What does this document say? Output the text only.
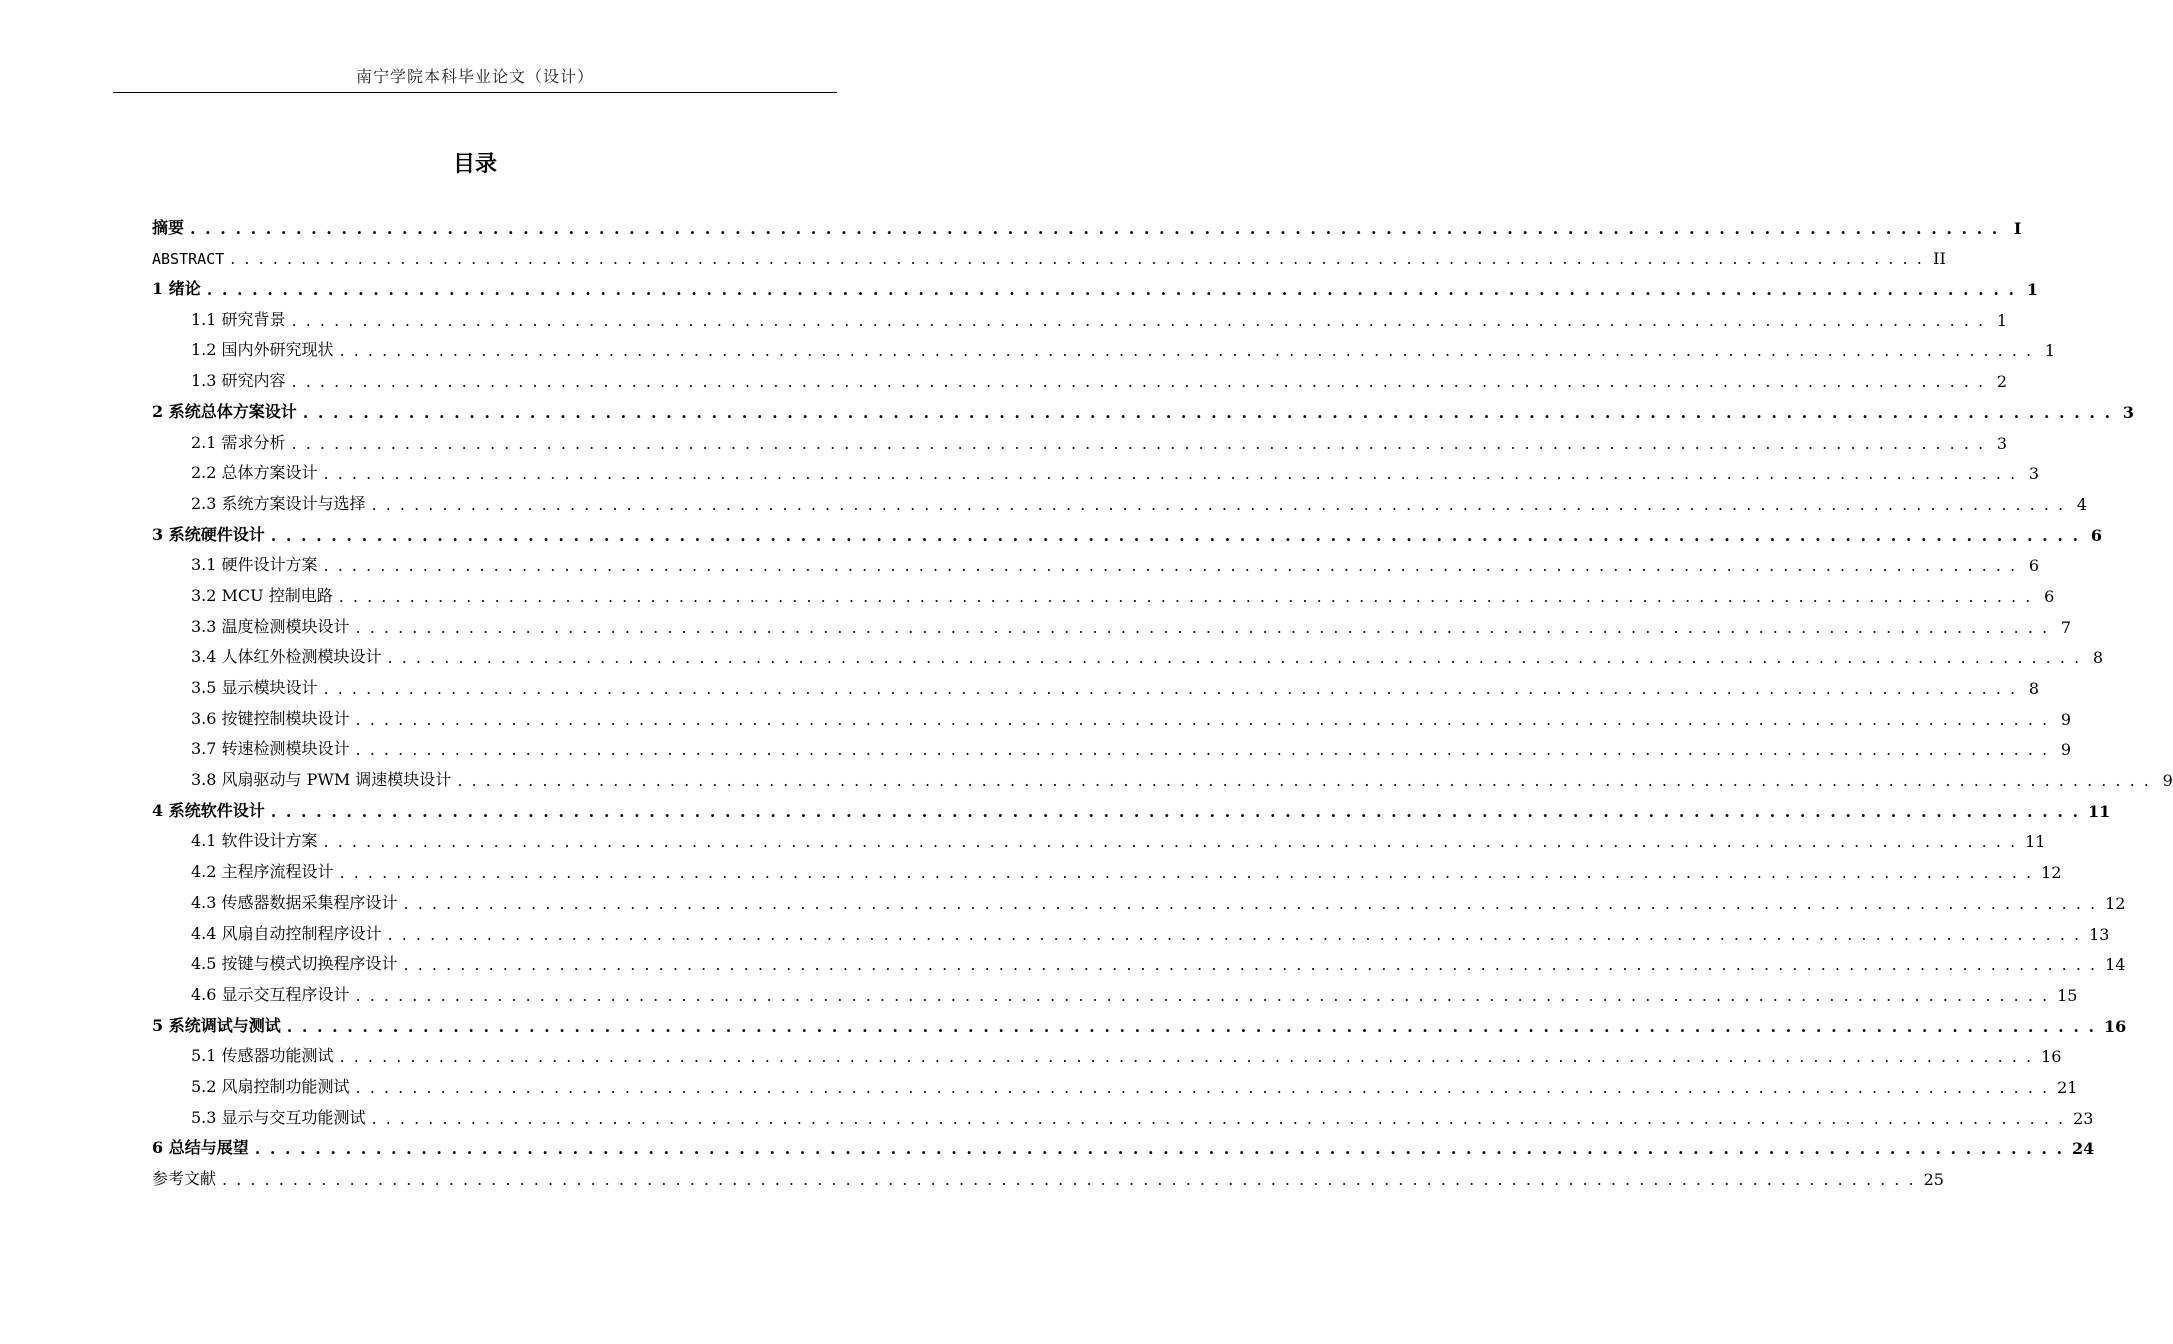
南宁学院本科毕业论文（设计）
目录
摘要 . . . . . . . . . . . . . . . . . . . . . . . . . . . . . . . . . . . . . . . . . . . . . . . . . . . . . . . . . . . . . . . . . . . . . . . . . . . . . . . . . . . . . . . . . . . . . . . . . . . . . . . . . . . . . . . . . . . . . . . . I
ABSTRACT . . . . . . . . . . . . . . . . . . . . . . . . . . . . . . . . . . . . . . . . . . . . . . . . . . . . . . . . . . . . . . . . . . . . . . . . . . . . . . . . . . . . . . . . . . . . . . . . . . . . . . . . . . . . . . . . . . . . . . . . II
1 绪论 . . . . . . . . . . . . . . . . . . . . . . . . . . . . . . . . . . . . . . . . . . . . . . . . . . . . . . . . . . . . . . . . . . . . . . . . . . . . . . . . . . . . . . . . . . . . . . . . . . . . . . . . . . . . . . . . . . . . . . . . 1
1.1 研究背景 . . . . . . . . . . . . . . . . . . . . . . . . . . . . . . . . . . . . . . . . . . . . . . . . . . . . . . . . . . . . . . . . . . . . . . . . . . . . . . . . . . . . . . . . . . . . . . . . . . . . . . . . . . . . . . . . . . . . . . . . 1
1.2 国内外研究现状 . . . . . . . . . . . . . . . . . . . . . . . . . . . . . . . . . . . . . . . . . . . . . . . . . . . . . . . . . . . . . . . . . . . . . . . . . . . . . . . . . . . . . . . . . . . . . . . . . . . . . . . . . . . . . . . . . . . . . . . . 1
1.3 研究内容 . . . . . . . . . . . . . . . . . . . . . . . . . . . . . . . . . . . . . . . . . . . . . . . . . . . . . . . . . . . . . . . . . . . . . . . . . . . . . . . . . . . . . . . . . . . . . . . . . . . . . . . . . . . . . . . . . . . . . . . . 2
2 系统总体方案设计 . . . . . . . . . . . . . . . . . . . . . . . . . . . . . . . . . . . . . . . . . . . . . . . . . . . . . . . . . . . . . . . . . . . . . . . . . . . . . . . . . . . . . . . . . . . . . . . . . . . . . . . . . . . . . . . . . . . . . . . . 3
2.1 需求分析 . . . . . . . . . . . . . . . . . . . . . . . . . . . . . . . . . . . . . . . . . . . . . . . . . . . . . . . . . . . . . . . . . . . . . . . . . . . . . . . . . . . . . . . . . . . . . . . . . . . . . . . . . . . . . . . . . . . . . . . . 3
2.2 总体方案设计 . . . . . . . . . . . . . . . . . . . . . . . . . . . . . . . . . . . . . . . . . . . . . . . . . . . . . . . . . . . . . . . . . . . . . . . . . . . . . . . . . . . . . . . . . . . . . . . . . . . . . . . . . . . . . . . . . . . . . . . . 3
2.3 系统方案设计与选择 . . . . . . . . . . . . . . . . . . . . . . . . . . . . . . . . . . . . . . . . . . . . . . . . . . . . . . . . . . . . . . . . . . . . . . . . . . . . . . . . . . . . . . . . . . . . . . . . . . . . . . . . . . . . . . . . . . . . . . . . 4
3 系统硬件设计 . . . . . . . . . . . . . . . . . . . . . . . . . . . . . . . . . . . . . . . . . . . . . . . . . . . . . . . . . . . . . . . . . . . . . . . . . . . . . . . . . . . . . . . . . . . . . . . . . . . . . . . . . . . . . . . . . . . . . . . . 6
3.1 硬件设计方案 . . . . . . . . . . . . . . . . . . . . . . . . . . . . . . . . . . . . . . . . . . . . . . . . . . . . . . . . . . . . . . . . . . . . . . . . . . . . . . . . . . . . . . . . . . . . . . . . . . . . . . . . . . . . . . . . . . . . . . . . 6
3.2 MCU 控制电路 . . . . . . . . . . . . . . . . . . . . . . . . . . . . . . . . . . . . . . . . . . . . . . . . . . . . . . . . . . . . . . . . . . . . . . . . . . . . . . . . . . . . . . . . . . . . . . . . . . . . . . . . . . . . . . . . . . . . . . . . 6
3.3 温度检测模块设计 . . . . . . . . . . . . . . . . . . . . . . . . . . . . . . . . . . . . . . . . . . . . . . . . . . . . . . . . . . . . . . . . . . . . . . . . . . . . . . . . . . . . . . . . . . . . . . . . . . . . . . . . . . . . . . . . . . . . . . . . 7
3.4 人体红外检测模块设计 . . . . . . . . . . . . . . . . . . . . . . . . . . . . . . . . . . . . . . . . . . . . . . . . . . . . . . . . . . . . . . . . . . . . . . . . . . . . . . . . . . . . . . . . . . . . . . . . . . . . . . . . . . . . . . . . . . . . . . . . 8
3.5 显示模块设计 . . . . . . . . . . . . . . . . . . . . . . . . . . . . . . . . . . . . . . . . . . . . . . . . . . . . . . . . . . . . . . . . . . . . . . . . . . . . . . . . . . . . . . . . . . . . . . . . . . . . . . . . . . . . . . . . . . . . . . . . 8
3.6 按键控制模块设计 . . . . . . . . . . . . . . . . . . . . . . . . . . . . . . . . . . . . . . . . . . . . . . . . . . . . . . . . . . . . . . . . . . . . . . . . . . . . . . . . . . . . . . . . . . . . . . . . . . . . . . . . . . . . . . . . . . . . . . . . 9
3.7 转速检测模块设计 . . . . . . . . . . . . . . . . . . . . . . . . . . . . . . . . . . . . . . . . . . . . . . . . . . . . . . . . . . . . . . . . . . . . . . . . . . . . . . . . . . . . . . . . . . . . . . . . . . . . . . . . . . . . . . . . . . . . . . . . 9
3.8 风扇驱动与 PWM 调速模块设计 . . . . . . . . . . . . . . . . . . . . . . . . . . . . . . . . . . . . . . . . . . . . . . . . . . . . . . . . . . . . . . . . . . . . . . . . . . . . . . . . . . . . . . . . . . . . . . . . . . . . . . . . . . . . . . . . . . . . . . . . 9
4 系统软件设计 . . . . . . . . . . . . . . . . . . . . . . . . . . . . . . . . . . . . . . . . . . . . . . . . . . . . . . . . . . . . . . . . . . . . . . . . . . . . . . . . . . . . . . . . . . . . . . . . . . . . . . . . . . . . . . . . . . . . . . . . 11
4.1 软件设计方案 . . . . . . . . . . . . . . . . . . . . . . . . . . . . . . . . . . . . . . . . . . . . . . . . . . . . . . . . . . . . . . . . . . . . . . . . . . . . . . . . . . . . . . . . . . . . . . . . . . . . . . . . . . . . . . . . . . . . . . . . 11
4.2 主程序流程设计 . . . . . . . . . . . . . . . . . . . . . . . . . . . . . . . . . . . . . . . . . . . . . . . . . . . . . . . . . . . . . . . . . . . . . . . . . . . . . . . . . . . . . . . . . . . . . . . . . . . . . . . . . . . . . . . . . . . . . . . . 12
4.3 传感器数据采集程序设计 . . . . . . . . . . . . . . . . . . . . . . . . . . . . . . . . . . . . . . . . . . . . . . . . . . . . . . . . . . . . . . . . . . . . . . . . . . . . . . . . . . . . . . . . . . . . . . . . . . . . . . . . . . . . . . . . . . . . . . . . 12
4.4 风扇自动控制程序设计 . . . . . . . . . . . . . . . . . . . . . . . . . . . . . . . . . . . . . . . . . . . . . . . . . . . . . . . . . . . . . . . . . . . . . . . . . . . . . . . . . . . . . . . . . . . . . . . . . . . . . . . . . . . . . . . . . . . . . . . . 13
4.5 按键与模式切换程序设计 . . . . . . . . . . . . . . . . . . . . . . . . . . . . . . . . . . . . . . . . . . . . . . . . . . . . . . . . . . . . . . . . . . . . . . . . . . . . . . . . . . . . . . . . . . . . . . . . . . . . . . . . . . . . . . . . . . . . . . . . 14
4.6 显示交互程序设计 . . . . . . . . . . . . . . . . . . . . . . . . . . . . . . . . . . . . . . . . . . . . . . . . . . . . . . . . . . . . . . . . . . . . . . . . . . . . . . . . . . . . . . . . . . . . . . . . . . . . . . . . . . . . . . . . . . . . . . . . 15
5 系统调试与测试 . . . . . . . . . . . . . . . . . . . . . . . . . . . . . . . . . . . . . . . . . . . . . . . . . . . . . . . . . . . . . . . . . . . . . . . . . . . . . . . . . . . . . . . . . . . . . . . . . . . . . . . . . . . . . . . . . . . . . . . . 16
5.1 传感器功能测试 . . . . . . . . . . . . . . . . . . . . . . . . . . . . . . . . . . . . . . . . . . . . . . . . . . . . . . . . . . . . . . . . . . . . . . . . . . . . . . . . . . . . . . . . . . . . . . . . . . . . . . . . . . . . . . . . . . . . . . . . 16
5.2 风扇控制功能测试 . . . . . . . . . . . . . . . . . . . . . . . . . . . . . . . . . . . . . . . . . . . . . . . . . . . . . . . . . . . . . . . . . . . . . . . . . . . . . . . . . . . . . . . . . . . . . . . . . . . . . . . . . . . . . . . . . . . . . . . . 21
5.3 显示与交互功能测试 . . . . . . . . . . . . . . . . . . . . . . . . . . . . . . . . . . . . . . . . . . . . . . . . . . . . . . . . . . . . . . . . . . . . . . . . . . . . . . . . . . . . . . . . . . . . . . . . . . . . . . . . . . . . . . . . . . . . . . . . 23
6 总结与展望 . . . . . . . . . . . . . . . . . . . . . . . . . . . . . . . . . . . . . . . . . . . . . . . . . . . . . . . . . . . . . . . . . . . . . . . . . . . . . . . . . . . . . . . . . . . . . . . . . . . . . . . . . . . . . . . . . . . . . . . . 24
参考文献 . . . . . . . . . . . . . . . . . . . . . . . . . . . . . . . . . . . . . . . . . . . . . . . . . . . . . . . . . . . . . . . . . . . . . . . . . . . . . . . . . . . . . . . . . . . . . . . . . . . . . . . . . . . . . . . . . . . . . . . . 25
